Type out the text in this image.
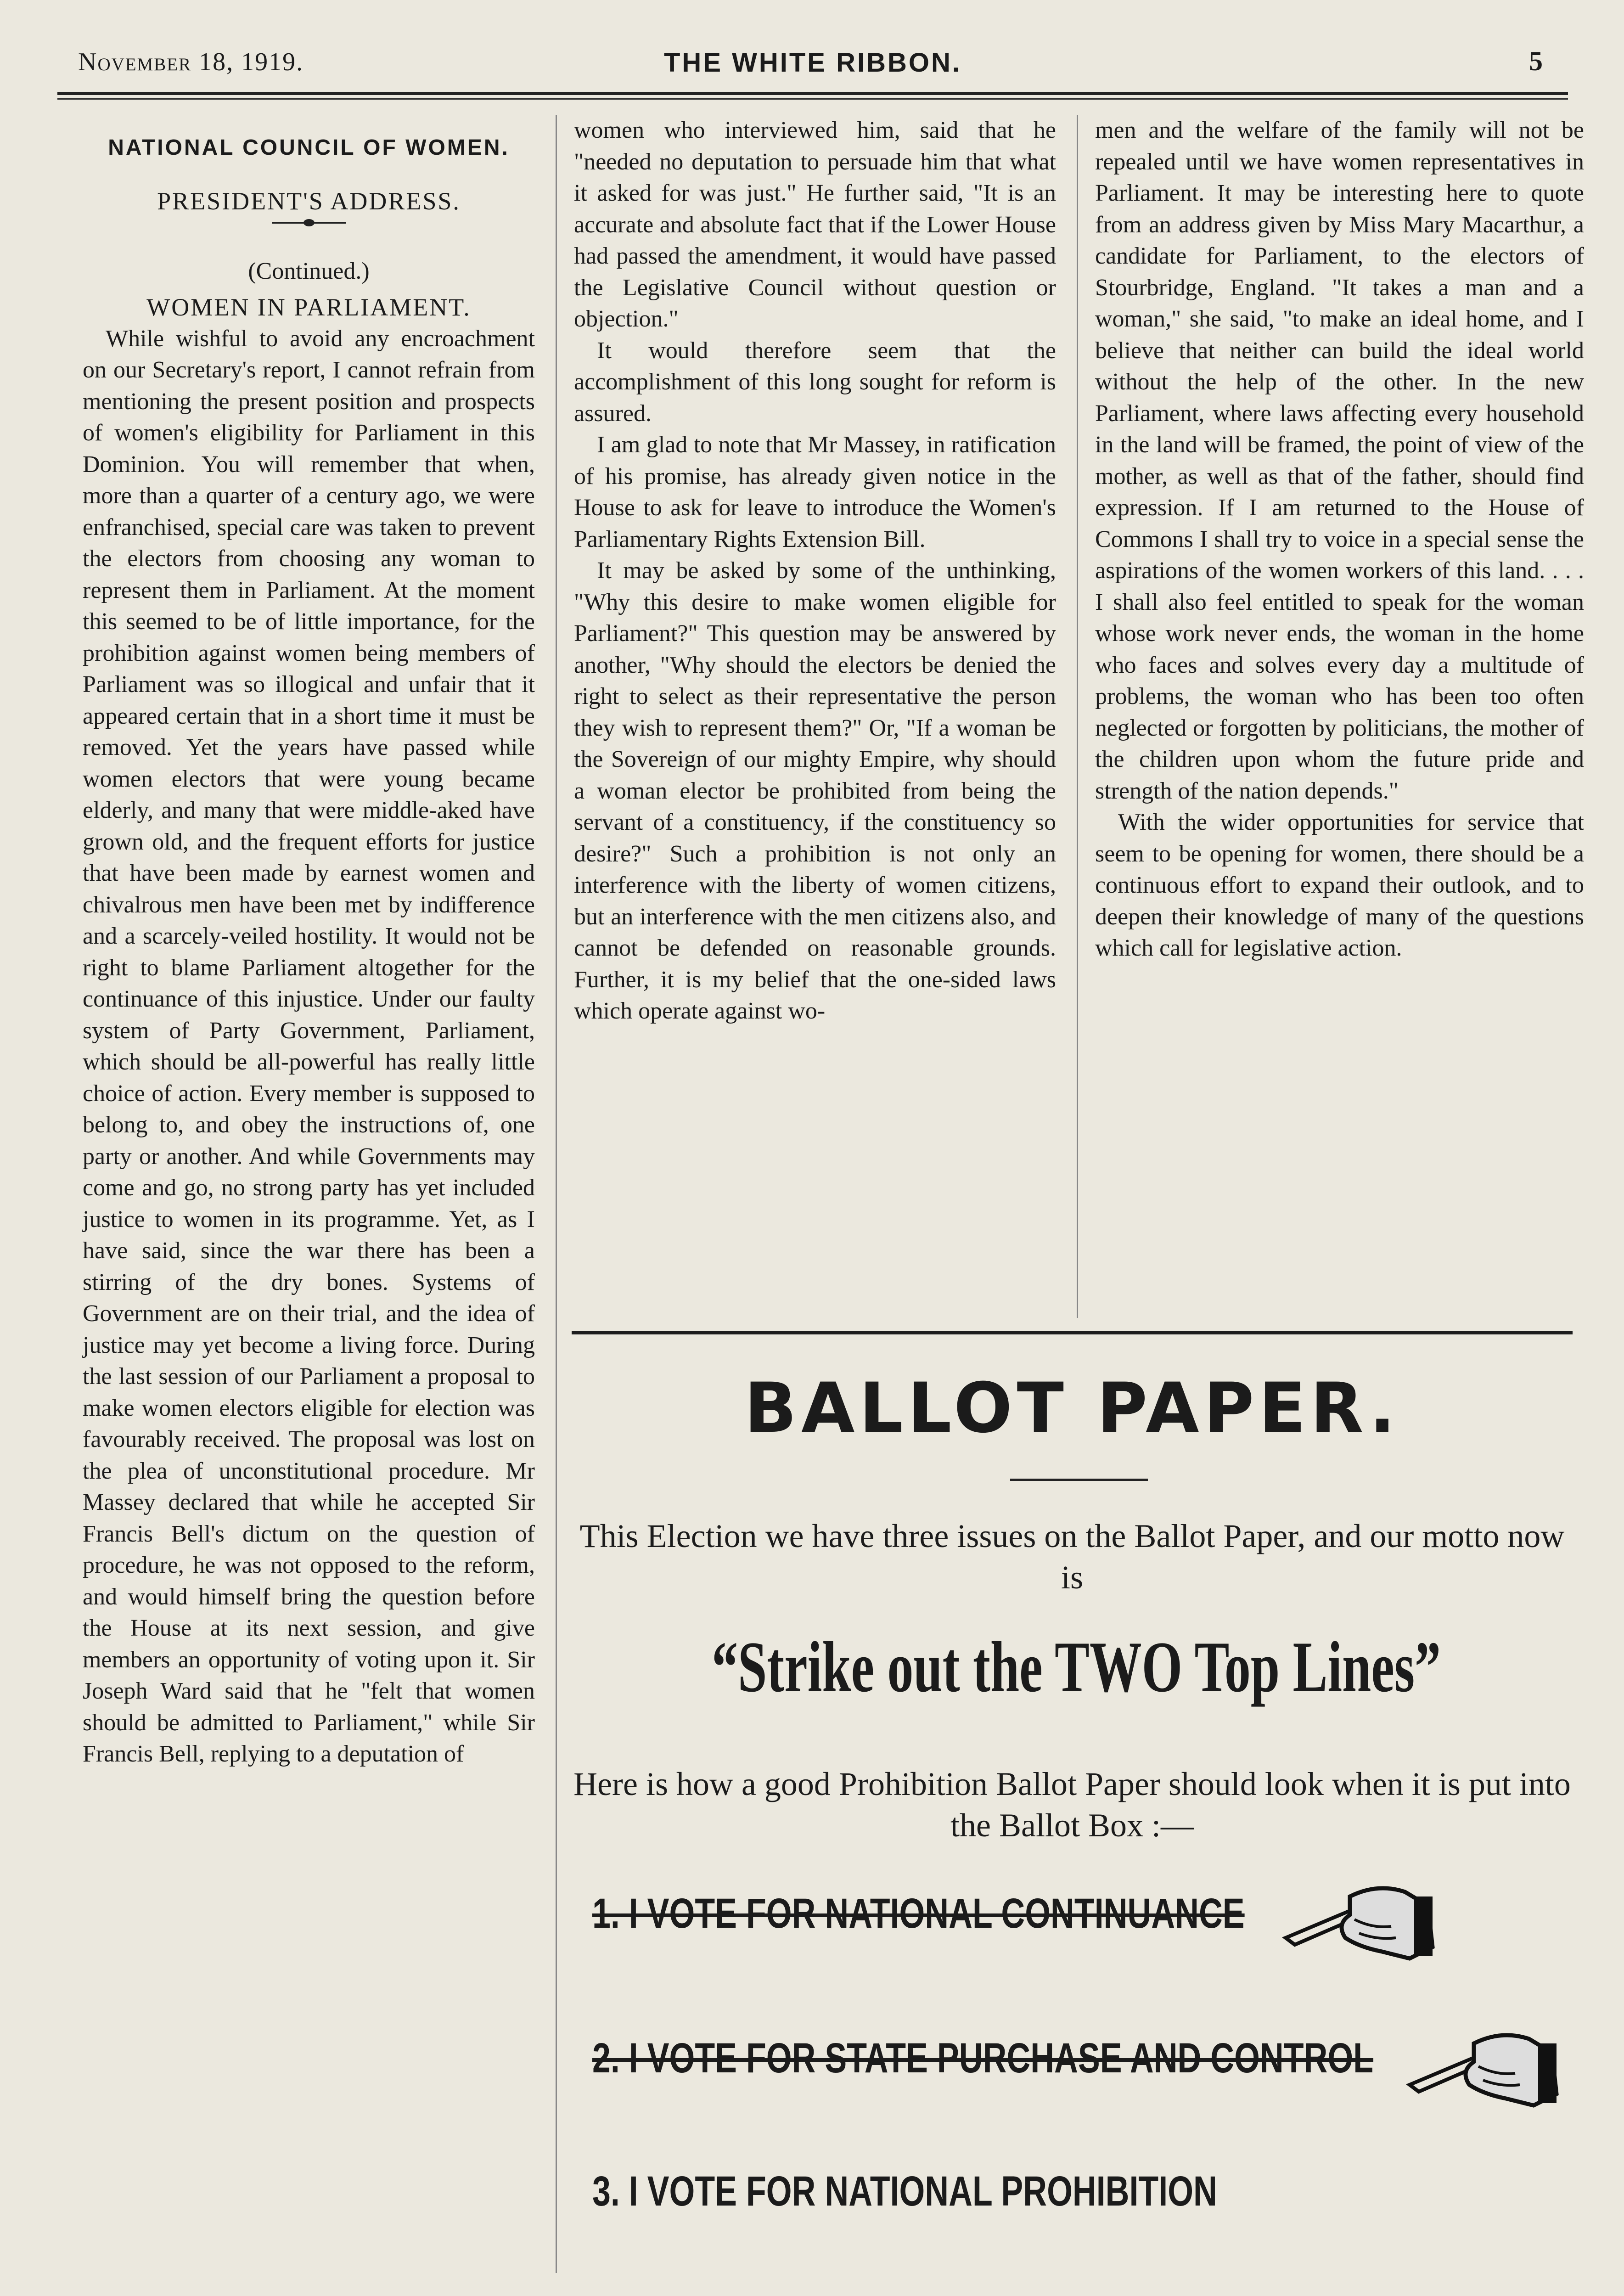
November 18, 1919.	THE WHITE RIBBON.	5
NATIONAL COUNCIL OF WOMEN.
PRESIDENT'S ADDRESS.
(Continued.)
WOMEN IN PARLIAMENT.

While wishful to avoid any encroachment on our Secretary's report, I cannot refrain from mentioning the present position and prospects of women's eligibility for Parliament in this Dominion. You will remember that when, more than a quarter of a century ago, we were enfranchised, special care was taken to prevent the electors from choosing any woman to represent them in Parliament. At the moment this seemed to be of little importance, for the prohibition against women being members of Parliament was so illogical and unfair that it appeared certain that in a short time it must be removed. Yet the years have passed while women electors that were young became elderly, and many that were middle-aked have grown old, and the frequent efforts for justice that have been made by earnest women and chivalrous men have been met by indifference and a scarcely-veiled hostility. It would not be right to blame Parliament altogether for the continuance of this injustice. Under our faulty system of Party Government, Parliament, which should be all-powerful has really little choice of action. Every member is supposed to belong to, and obey the instructions of, one party or another. And while Governments may come and go, no strong party has yet included justice to women in its programme. Yet, as I have said, since the war there has been a stirring of the dry bones. Systems of Government are on their trial, and the idea of justice may yet become a living force. During the last session of our Parliament a proposal to make women electors eligible for election was favourably received. The proposal was lost on the plea of unconstitutional procedure. Mr Massey declared that while he accepted Sir Francis Bell's dictum on the question of procedure, he was not opposed to the reform, and would himself bring the question before the House at its next session, and give members an opportunity of voting upon it. Sir Joseph Ward said that he "felt that women should be admitted to Parliament," while Sir Francis Bell, replying to a deputation of

women who interviewed him, said that he "needed no deputation to persuade him that what it asked for was just." He further said, "It is an accurate and absolute fact that if the Lower House had passed the amendment, it would have passed the Legislative Council without question or objection."

It would therefore seem that the accomplishment of this long sought for reform is assured.

I am glad to note that Mr Massey, in ratification of his promise, has already given notice in the House to ask for leave to introduce the Women's Parliamentary Rights Extension Bill.

It may be asked by some of the unthinking, "Why this desire to make women eligible for Parliament?" This question may be answered by another, "Why should the electors be denied the right to select as their representative the person they wish to represent them?" Or, "If a woman be the Sovereign of our mighty Empire, why should a woman elector be prohibited from being the servant of a constituency, if the constituency so desire?" Such a prohibition is not only an interference with the liberty of women citizens, but an interference with the men citizens also, and cannot be defended on reasonable grounds. Further, it is my belief that the one-sided laws which operate against wo-

men and the welfare of the family will not be repealed until we have women representatives in Parliament. It may be interesting here to quote from an address given by Miss Mary Macarthur, a candidate for Parliament, to the electors of Stourbridge, England. "It takes a man and a woman," she said, "to make an ideal home, and I believe that neither can build the ideal world without the help of the other. In the new Parliament, where laws affecting every household in the land will be framed, the point of view of the mother, as well as that of the father, should find expression. If I am returned to the House of Commons I shall try to voice in a special sense the aspirations of the women workers of this land. . . . I shall also feel entitled to speak for the woman whose work never ends, the woman in the home who faces and solves every day a multitude of problems, the woman who has been too often neglected or forgotten by politicians, the mother of the children upon whom the future pride and strength of the nation depends."

With the wider opportunities for service that seem to be opening for women, there should be a continuous effort to expand their outlook, and to deepen their knowledge of many of the questions which call for legislative action.

BALLOT PAPER.
This Election we have three issues on the Ballot Paper, and our motto now is
“Strike out the TWO Top Lines”
Here is how a good Prohibition Ballot Paper should look when it is put into the Ballot Box :—
1. I VOTE FOR NATIONAL CONTINUANCE
2. I VOTE FOR STATE PURCHASE AND CONTROL
3. I VOTE FOR NATIONAL PROHIBITION
